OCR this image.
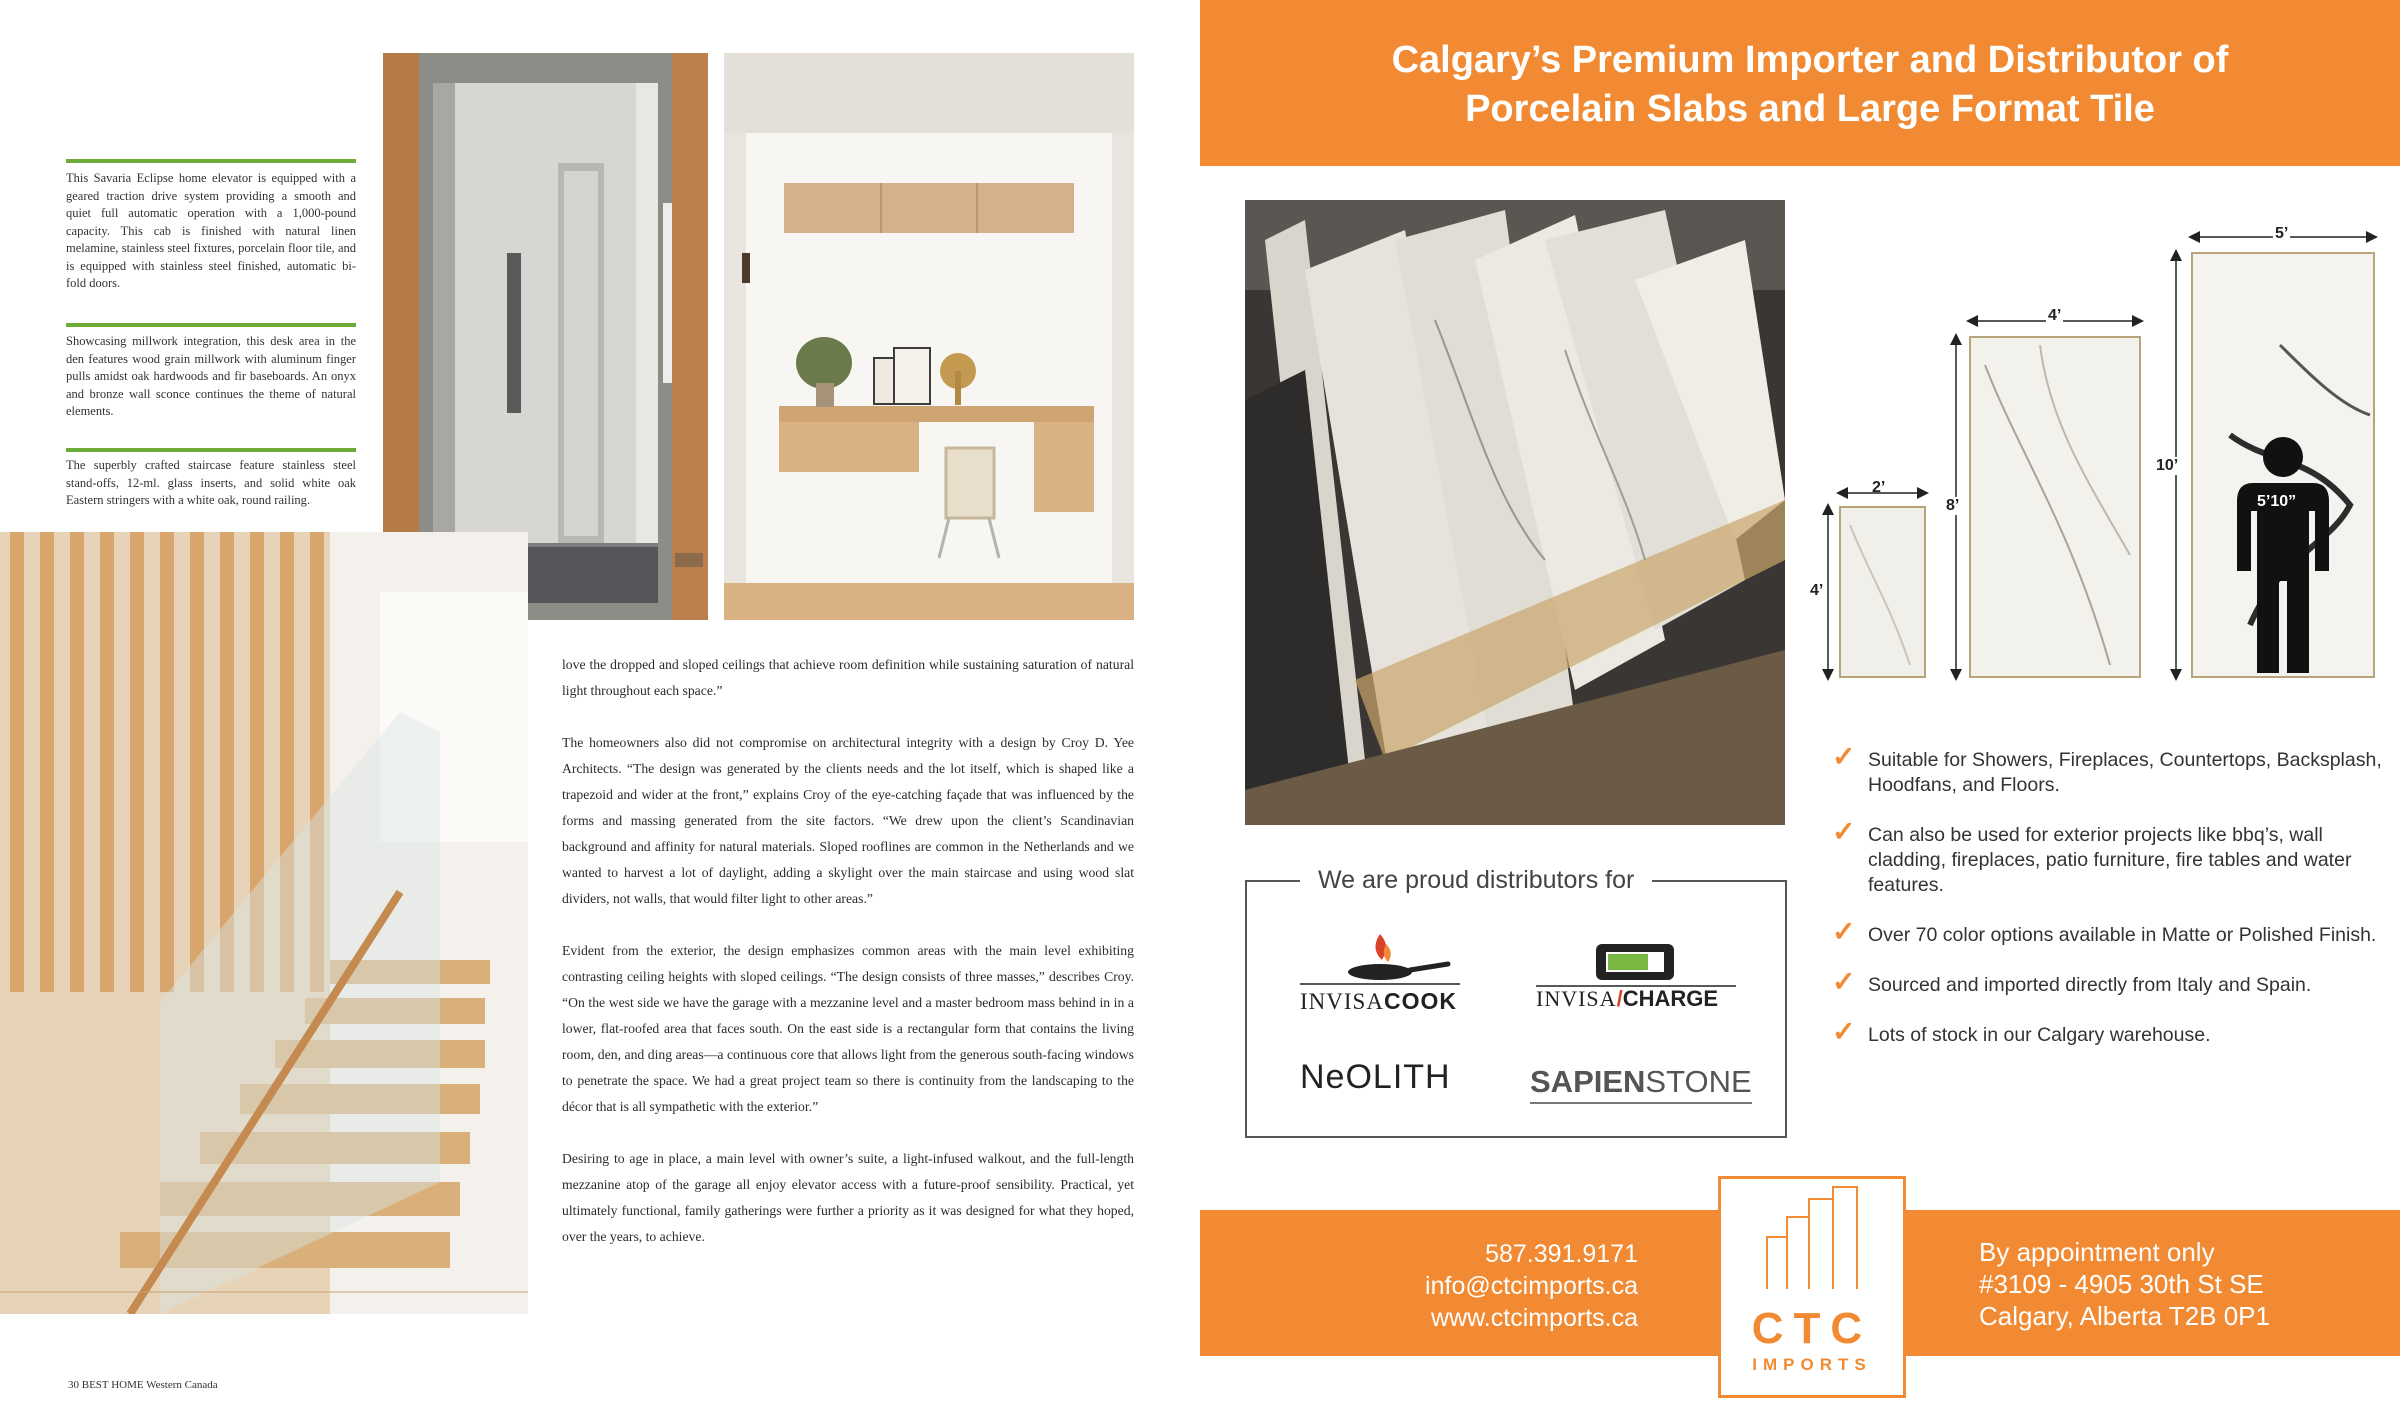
This Savaria Eclipse home elevator is equipped with a geared traction drive system providing a smooth and quiet full automatic operation with a 1,000-pound capacity. This cab is finished with natural linen melamine, stainless steel fixtures, porcelain floor tile, and is equipped with stainless steel finished, automatic bi-fold doors.
Showcasing millwork integration, this desk area in the den features wood grain millwork with aluminum finger pulls amidst oak hardwoods and fir baseboards. An onyx and bronze wall sconce continues the theme of natural elements.
The superbly crafted staircase feature stainless steel stand-offs, 12-ml. glass inserts, and solid white oak Eastern stringers with a white oak, round railing.

love the dropped and sloped ceilings that achieve room definition while sustaining saturation of natural light throughout each space.”

The homeowners also did not compromise on architectural integrity with a design by Croy D. Yee Architects. “The design was generated by the clients needs and the lot itself, which is shaped like a trapezoid and wider at the front,” explains Croy of the eye-catching façade that was influenced by the forms and massing generated from the site factors. “We drew upon the client’s Scandinavian background and affinity for natural materials. Sloped rooflines are common in the Netherlands and we wanted to harvest a lot of daylight, adding a skylight over the main staircase and using wood slat dividers, not walls, that would filter light to other areas.”

Evident from the exterior, the design emphasizes common areas with the main level exhibiting contrasting ceiling heights with sloped ceilings. “The design consists of three masses,” describes Croy. “On the west side we have the garage with a mezzanine level and a master bedroom mass behind in in a lower, flat-roofed area that faces south. On the east side is a rectangular form that contains the living room, den, and ding areas—a continuous core that allows light from the generous south-facing windows to penetrate the space. We had a great project team so there is continuity from the landscaping to the décor that is all sympathetic with the exterior.”

Desiring to age in place, a main level with owner’s suite, a light-infused walkout, and the full-length mezzanine atop of the garage all enjoy elevator access with a future-proof sensibility. Practical, yet ultimately functional, family gatherings were further a priority as it was designed for what they hoped, over the years, to achieve.

30 BEST HOME Western Canada
Calgary’s Premium Importer and Distributor of
Porcelain Slabs and Large Format Tile
2’
4’
4’
8’
5’
10’
5’10”
✓ Suitable for Showers, Fireplaces, Countertops, Backsplash, Hoodfans, and Floors.
✓ Can also be used for exterior projects like bbq’s, wall cladding, fireplaces, patio furniture, fire tables and water features.
✓ Over 70 color options available in Matte or Polished Finish.
✓ Sourced and imported directly from Italy and Spain.
✓ Lots of stock in our Calgary warehouse.
We are proud distributors for
INVISACOOK	INVISA/CHARGE
NeOLITH	SAPIENSTONE
587.391.9171
info@ctcimports.ca
www.ctcimports.ca
By appointment only
#3109 - 4905 30th St SE
Calgary, Alberta T2B 0P1
CTC
IMPORTS
